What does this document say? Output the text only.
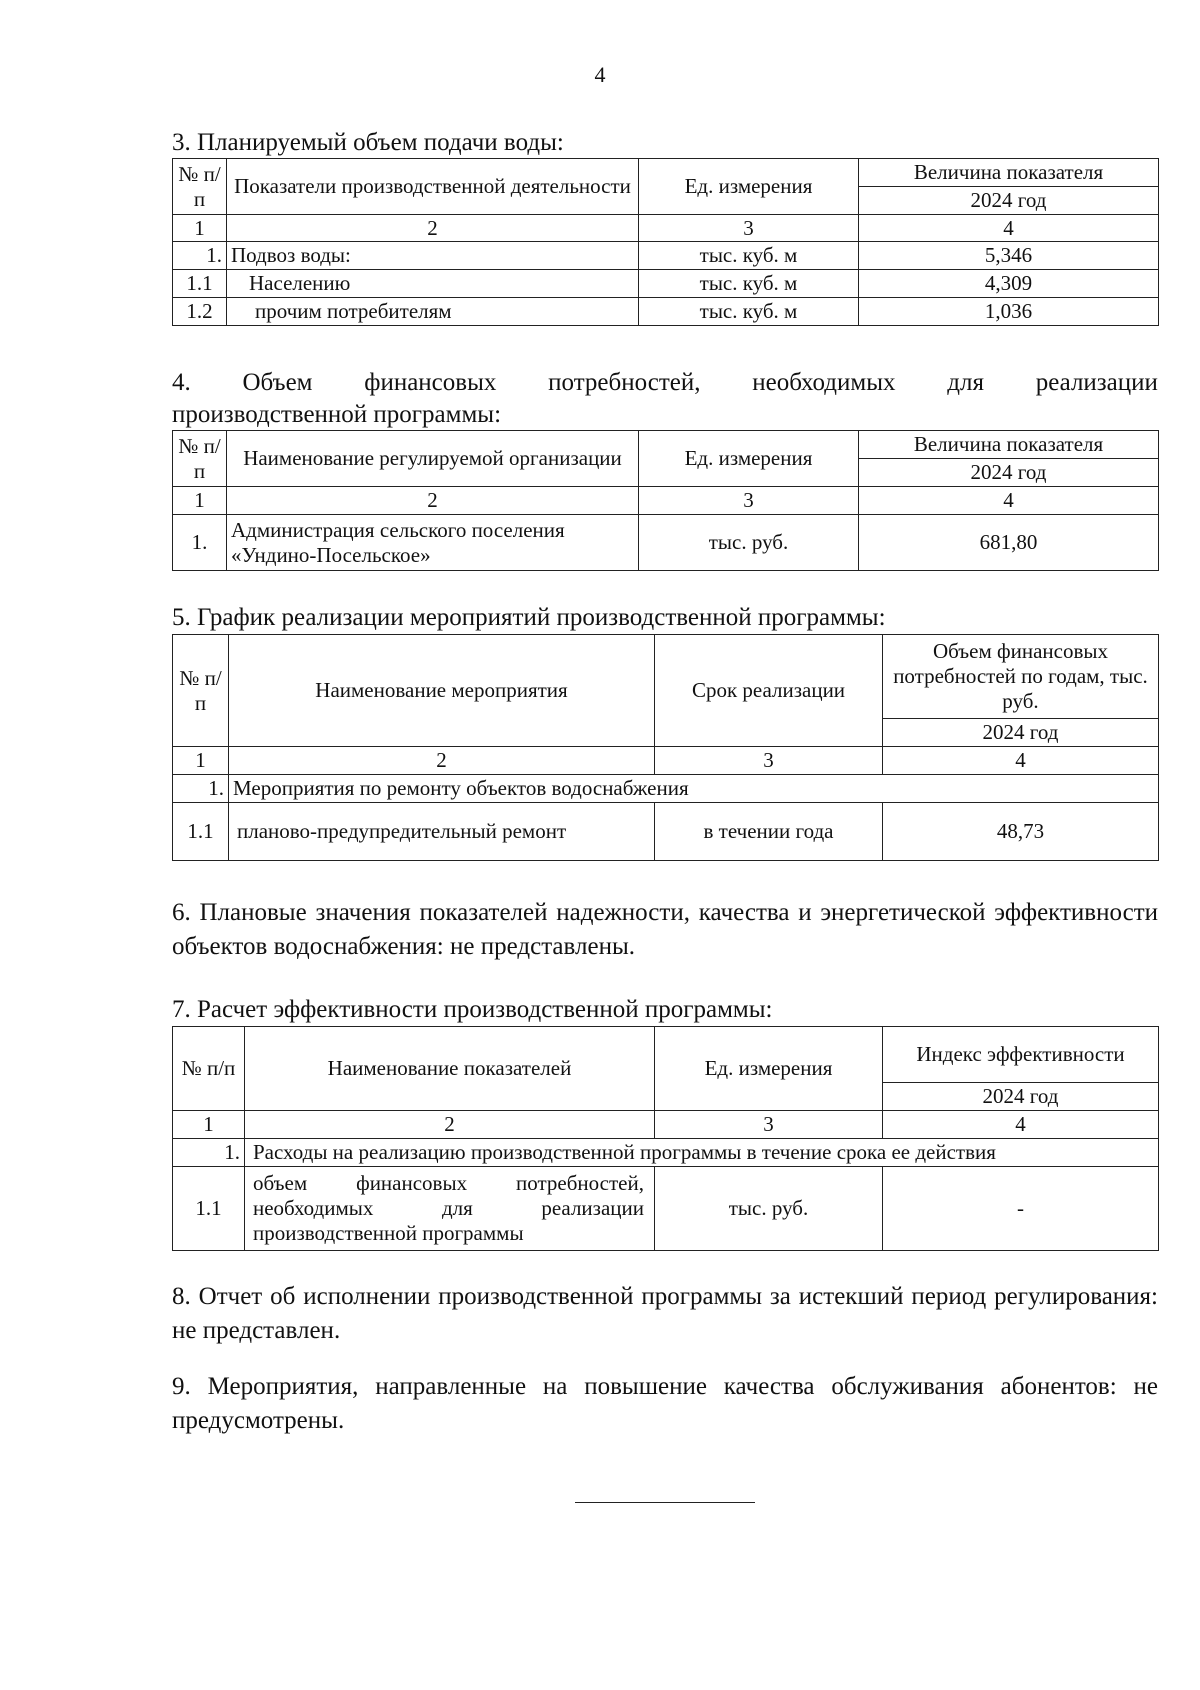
4
3. Планируемый объем подачи воды:
№ п/п	Показатели производственной деятельности	Ед. измерения	Величина показателя
			2024 год
1	2	3	4
1.	Подвоз воды:	тыс. куб. м	5,346
1.1	Населению	тыс. куб. м	4,309
1.2	прочим потребителям	тыс. куб. м	1,036
4. Объем финансовых потребностей, необходимых для реализации
производственной программы:
№ п/п	Наименование регулируемой организации	Ед. измерения	Величина показателя
			2024 год
1	2	3	4
1.	Администрация сельского поселения «Ундино-Посельское»	тыс. руб.	681,80
5. График реализации мероприятий производственной программы:
№ п/п	Наименование мероприятия	Срок реализации	Объем финансовых потребностей по годам, тыс. руб.
			2024 год
1	2	3	4
1.	Мероприятия по ремонту объектов водоснабжения		
1.1	планово-предупредительный ремонт	в течении года	48,73
6. Плановые значения показателей надежности, качества и энергетической эффективности объектов водоснабжения: не представлены.
7. Расчет эффективности производственной программы:
№ п/п	Наименование показателей	Ед. измерения	Индекс эффективности
			2024 год
1	2	3	4
1.	Расходы на реализацию производственной программы в течение срока ее действия		
1.1	объем финансовых потребностей, необходимых для реализации производственной программы	тыс. руб.	-
8. Отчет об исполнении производственной программы за истекший период регулирования: не представлен.
9. Мероприятия, направленные на повышение качества обслуживания абонентов: не предусмотрены.
